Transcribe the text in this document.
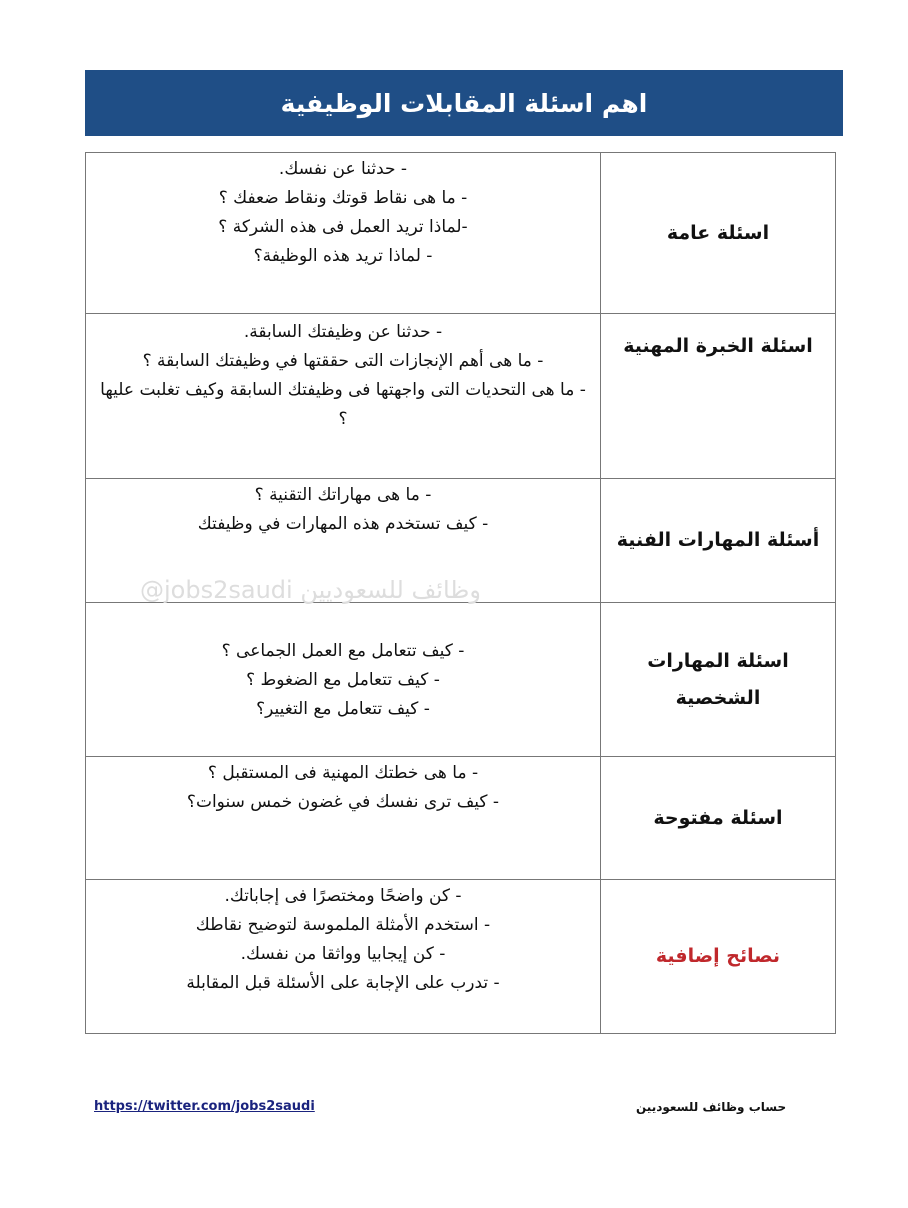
اهم اسئلة المقابلات الوظيفية
اسئلة عامة	- حدثنا عن نفسك.
- ما هى نقاط قوتك ونقاط ضعفك ؟
-لماذا تريد العمل فى هذه الشركة ؟
- لماذا تريد هذه الوظيفة؟

اسئلة الخبرة المهنية	- حدثنا عن وظيفتك السابقة.
- ما هى أهم الإنجازات التى حققتها في وظيفتك السابقة ؟
- ما هى التحديات التى واجهتها فى وظيفتك السابقة وكيف تغلبت عليها ؟

أسئلة المهارات الفنية	- ما هى مهاراتك التقنية ؟
- كيف تستخدم هذه المهارات في وظيفتك

اسئلة المهارات الشخصية	- كيف تتعامل مع العمل الجماعى ؟
- كيف تتعامل مع الضغوط ؟
- كيف تتعامل مع التغيير؟

اسئلة مفتوحة	- ما هى خطتك المهنية فى المستقبل ؟
- كيف ترى نفسك في غضون خمس سنوات؟

نصائح إضافية	- كن واضحًا ومختصرًا فى إجاباتك.
- استخدم الأمثلة الملموسة لتوضيح نقاطك
- كن إيجابيا وواثقا من نفسك.
- تدرب على الإجابة على الأسئلة قبل المقابلة
@jobs2saudi وظائف للسعوديين
https://twitter.com/jobs2saudi	حساب وظائف للسعوديين
